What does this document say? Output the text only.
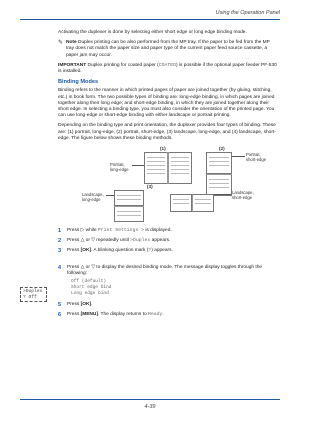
Using the Operation Panel

Activating the duplexer is done by selecting either short edge or long edge binding mode.

✎ Note Duplex printing can be also performed from the MP tray. If the paper to be fed from the MP tray does not match the paper size and paper type of the current paper feed source cassette, a paper jam may occur.

IMPORTANT Duplex printing for coated paper (COATED) is possible if the optional paper feeder PF-530 is installed.

Binding Modes

Binding refers to the manner in which printed pages of paper are joined together (by gluing, stitching, etc.) in book form. The two possible types of binding are: long-edge binding, in which pages are joined together along their long edge; and short-edge binding, in which they are joined together along their short edge. In selecting a binding type, you must also consider the orientation of the printed page. You can use long-edge or short-edge binding with either landscape or portrait printing.

Depending on the binding type and print orientation, the duplexer provides four types of binding. These are: (1) portrait, long-edge, (2) portrait, short-edge, (3) landscape, long-edge, and (4) landscape, short-edge. The figure below shows these binding methods.

(1)	(2)
(3)
Portrait,
long-edge
Portrait,
short-edge
Landscape,
long-edge
Landscape,
short-edge
1 Press ▷ while Print Settings > is displayed.
2 Press △ or ▽ repeatedly until >Duplex appears.
3 Press [OK]. A blinking question mark (?) appears.
4 Press △ or ▽ to display the desired binding mode. The message display toggles through the following:
Off (default)
Short edge bind
Long edge bind
5 Press [OK].
6 Press [MENU]. The display returns to Ready.
>Duplex
? Off
4-39
